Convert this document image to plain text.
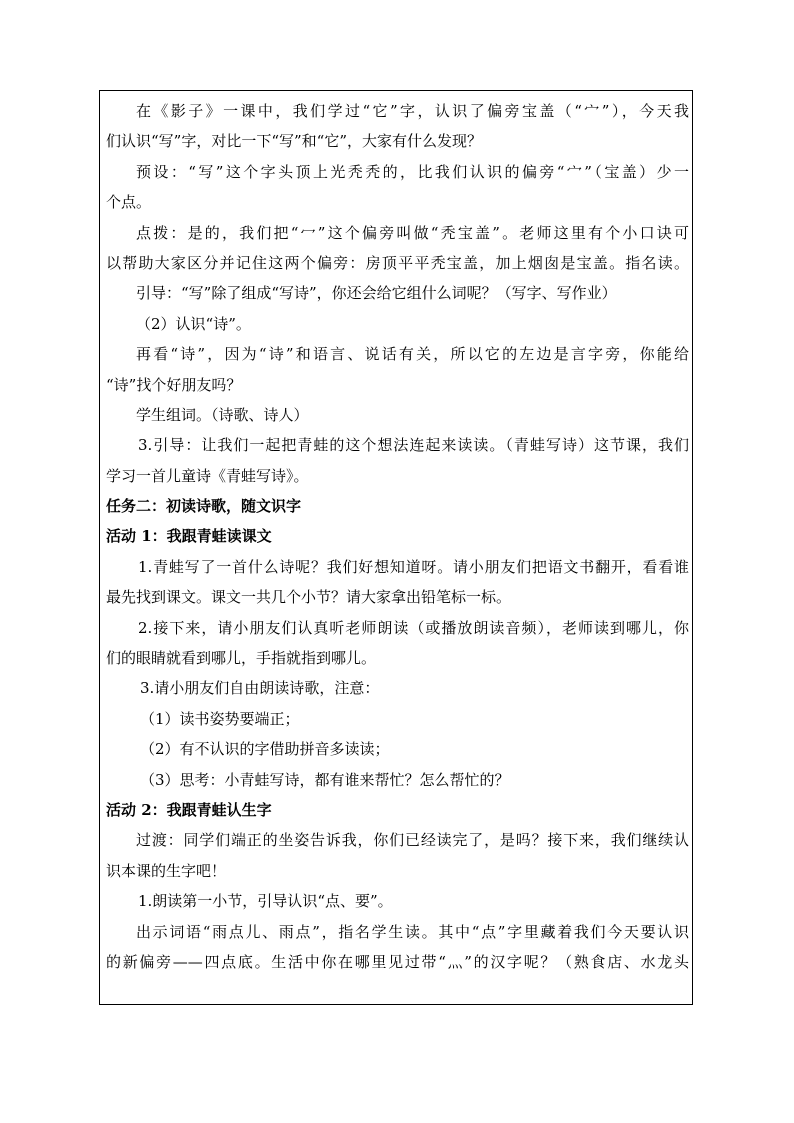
在《影子》一课中，我们学过“它”字，认识了偏旁宝盖（“宀”），今天我

们认识“写”字，对比一下“写”和“它”，大家有什么发现？

预设：“写”这个字头顶上光秃秃的，比我们认识的偏旁“宀”（宝盖）少一

个点。

点拨：是的，我们把“冖”这个偏旁叫做“秃宝盖”。老师这里有个小口诀可

以帮助大家区分并记住这两个偏旁：房顶平平秃宝盖，加上烟囱是宝盖。指名读。

引导：“写”除了组成“写诗”，你还会给它组什么词呢？（写字、写作业）

（2）认识“诗”。

再看“诗”，因为“诗”和语言、说话有关，所以它的左边是言字旁，你能给

“诗”找个好朋友吗？

学生组词。（诗歌、诗人）

3.引导：让我们一起把青蛙的这个想法连起来读读。（青蛙写诗）这节课，我们

学习一首儿童诗《青蛙写诗》。

任务二：初读诗歌，随文识字

活动 1：我跟青蛙读课文

1.青蛙写了一首什么诗呢？我们好想知道呀。请小朋友们把语文书翻开，看看谁

最先找到课文。课文一共几个小节？请大家拿出铅笔标一标。

2.接下来，请小朋友们认真听老师朗读（或播放朗读音频），老师读到哪儿，你

们的眼睛就看到哪儿，手指就指到哪儿。

3.请小朋友们自由朗读诗歌，注意：

（1）读书姿势要端正；

（2）有不认识的字借助拼音多读读；

（3）思考：小青蛙写诗，都有谁来帮忙？怎么帮忙的？

活动 2：我跟青蛙认生字

过渡：同学们端正的坐姿告诉我，你们已经读完了，是吗？接下来，我们继续认

识本课的生字吧！

1.朗读第一小节，引导认识“点、要”。

出示词语“雨点儿、雨点”，指名学生读。其中“点”字里藏着我们今天要认识

的新偏旁——四点底。生活中你在哪里见过带“灬”的汉字呢？（熟食店、水龙头
